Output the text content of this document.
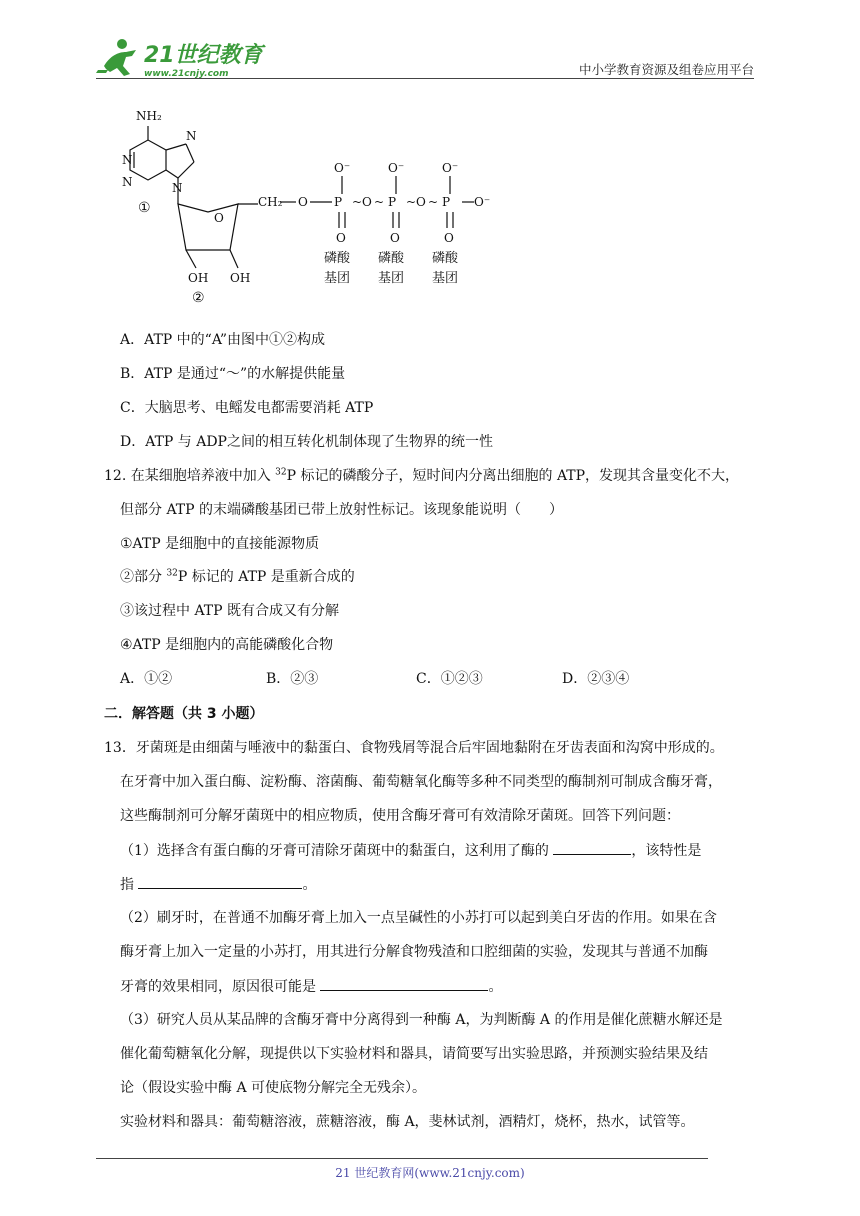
21世纪教育
www.21cnjy.com	中小学教育资源及组卷应用平台
NH₂
N
N
N
N
①
O
CH₂ O P ~ O ~ P ~ O ~ P O⁻
O⁻	O⁻	O⁻
O	O	O
磷酸
基团
磷酸
基团
磷酸
基团
OH OH
②
A．ATP 中的“A”由图中①②构成
B．ATP 是通过“～”的水解提供能量
C．大脑思考、电鳐发电都需要消耗 ATP
D．ATP 与 ADP之间的相互转化机制体现了生物界的统一性
12. 在某细胞培养液中加入 $^{32}$P 标记的磷酸分子，短时间内分离出细胞的 ATP，发现其含量变化不大，
但部分 ATP 的末端磷酸基团已带上放射性标记。该现象能说明（　　）
①ATP 是细胞中的直接能源物质
②部分 $^{32}$P 标记的 ATP 是重新合成的
③该过程中 ATP 既有合成又有分解
④ATP 是细胞内的高能磷酸化合物
A．①②	B．②③	C．①②③	D．②③④
二．解答题（共 3 小题）
13．牙菌斑是由细菌与唾液中的黏蛋白、食物残屑等混合后牢固地黏附在牙齿表面和沟窝中形成的。
在牙膏中加入蛋白酶、淀粉酶、溶菌酶、葡萄糖氧化酶等多种不同类型的酶制剂可制成含酶牙膏，
这些酶制剂可分解牙菌斑中的相应物质，使用含酶牙膏可有效清除牙菌斑。回答下列问题：
（1）选择含有蛋白酶的牙膏可清除牙菌斑中的黏蛋白，这利用了酶的	，该特性是
指	。
（2）刷牙时，在普通不加酶牙膏上加入一点呈碱性的小苏打可以起到美白牙齿的作用。如果在含
酶牙膏上加入一定量的小苏打，用其进行分解食物残渣和口腔细菌的实验，发现其与普通不加酶
牙膏的效果相同，原因很可能是	。
（3）研究人员从某品牌的含酶牙膏中分离得到一种酶 A，为判断酶 A 的作用是催化蔗糖水解还是
催化葡萄糖氧化分解，现提供以下实验材料和器具，请简要写出实验思路，并预测实验结果及结
论（假设实验中酶 A 可使底物分解完全无残余）。
实验材料和器具：葡萄糖溶液，蔗糖溶液，酶 A，斐林试剂，酒精灯，烧杯，热水，试管等。
21 世纪教育网(www.21cnjy.com)
